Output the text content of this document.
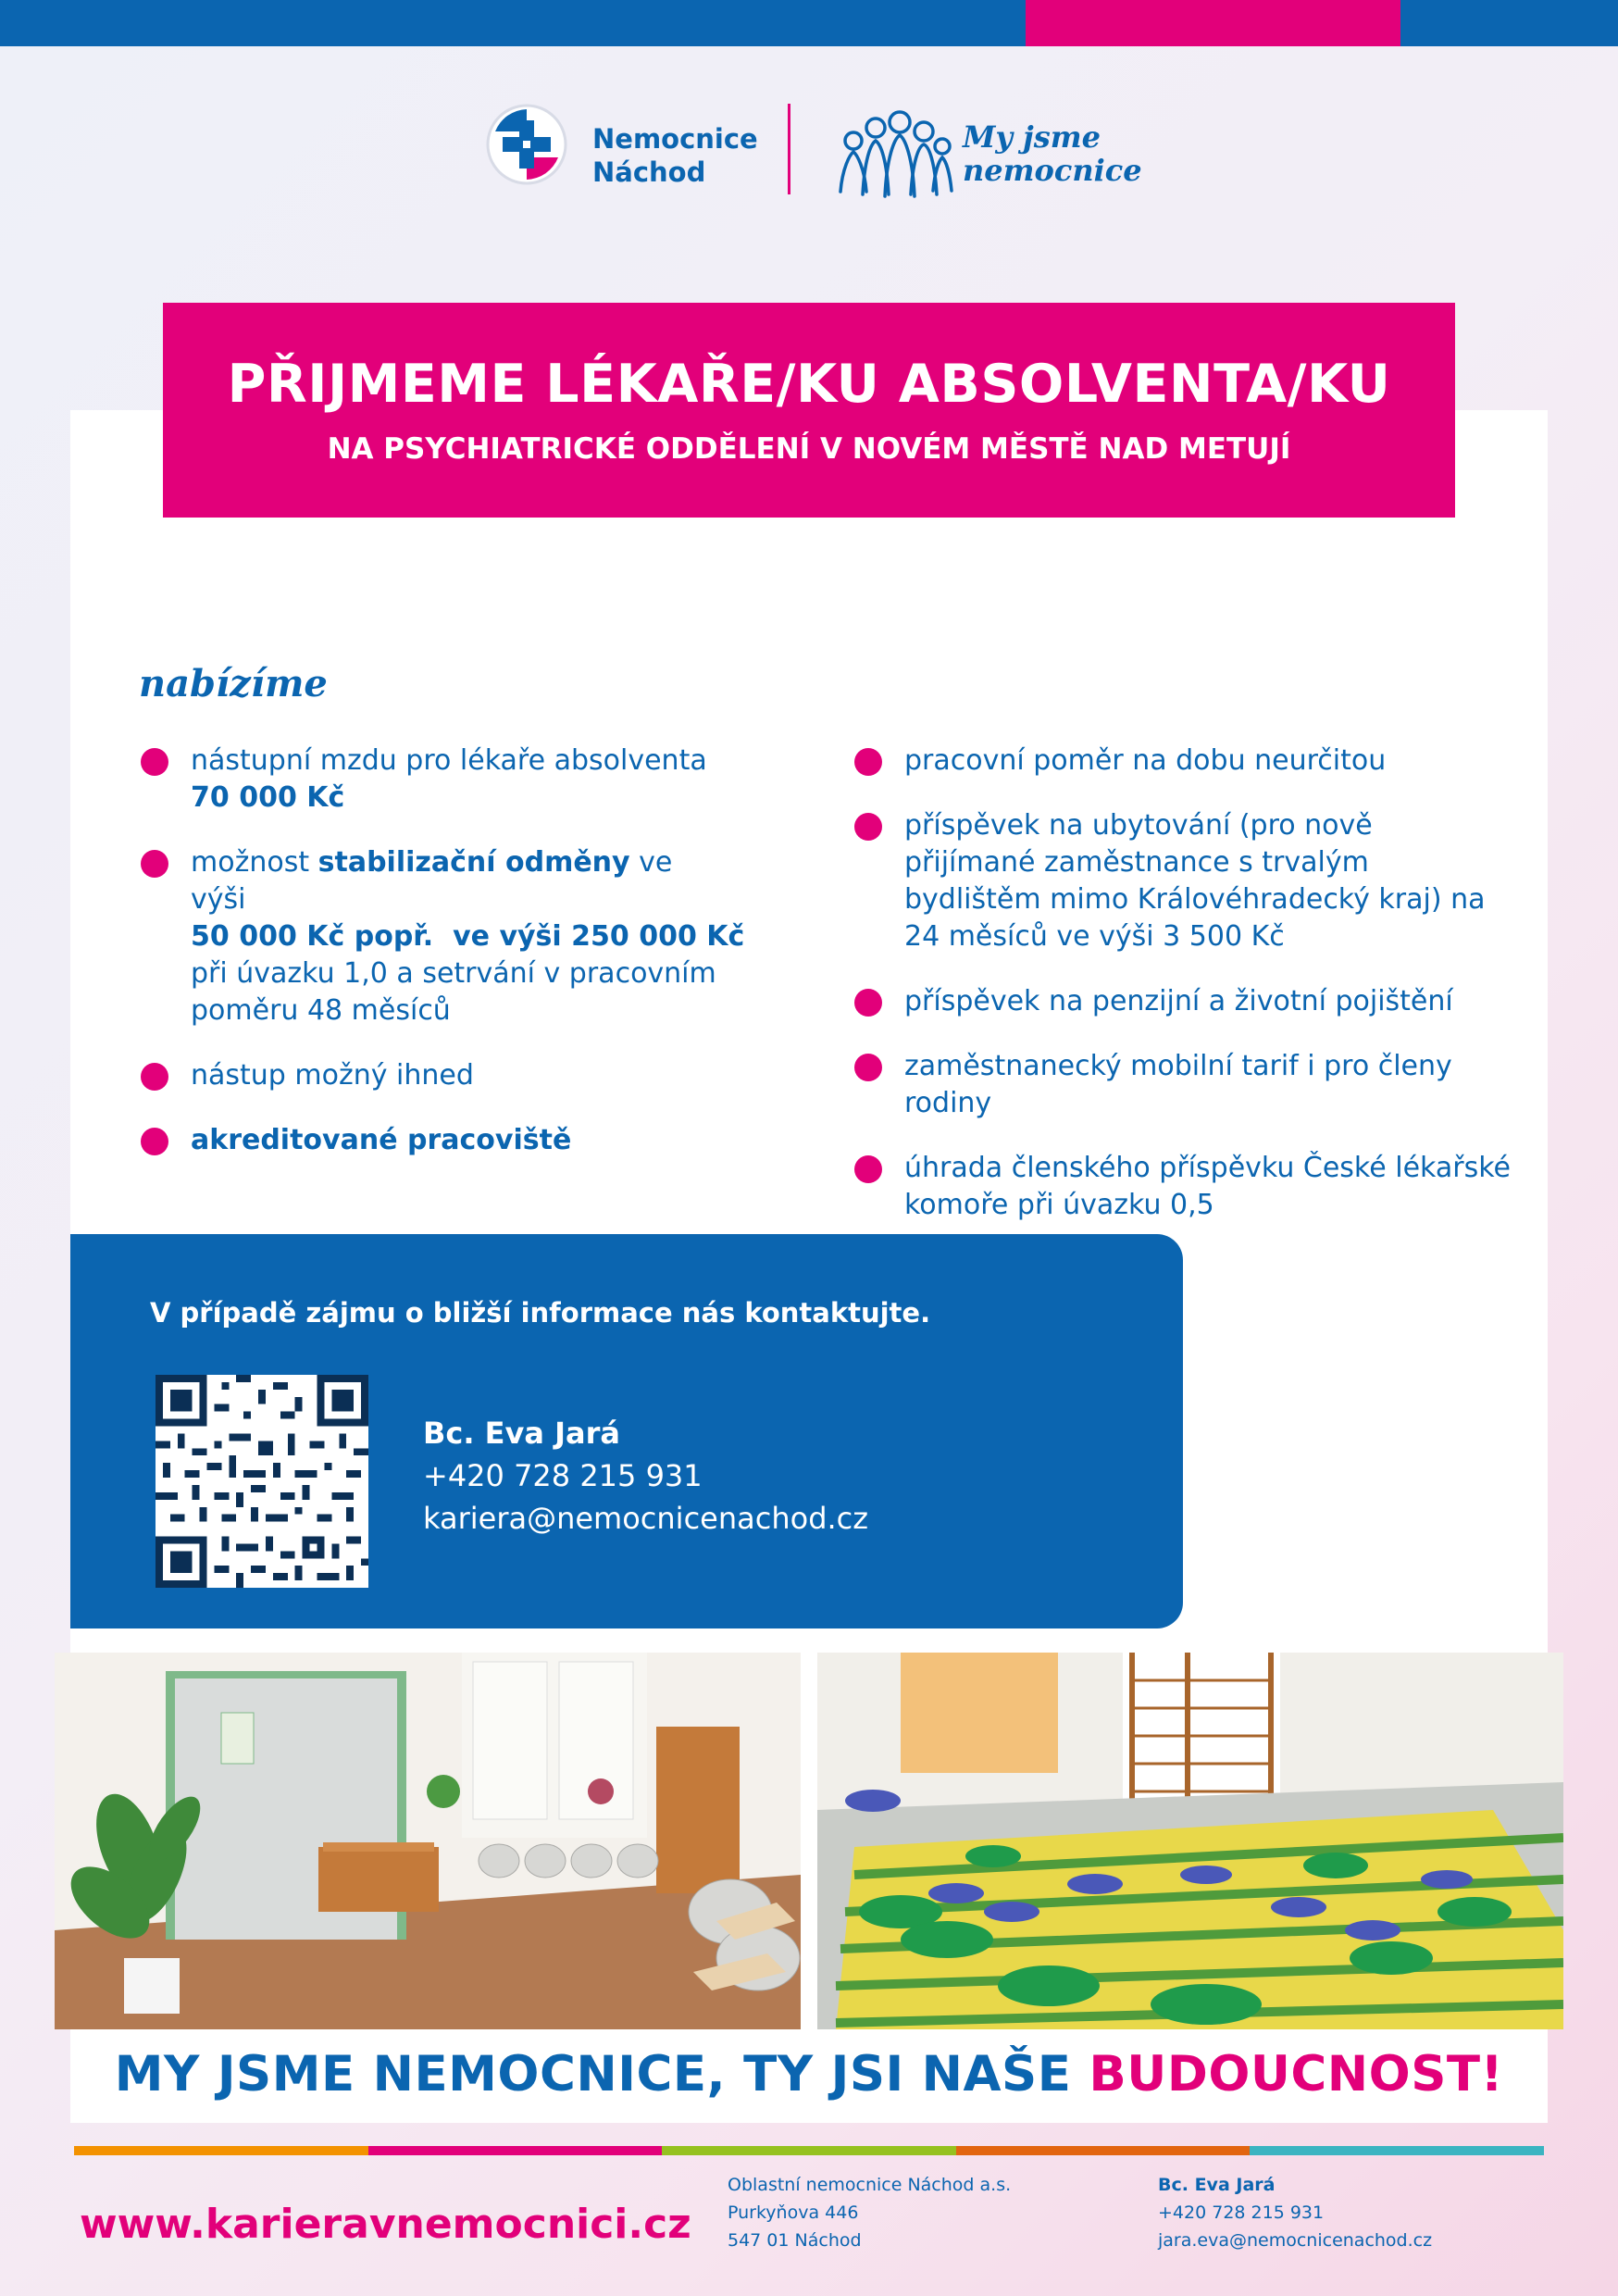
Nemocnice
Náchod
My jsme
nemocnice
PŘIJMEME LÉKAŘE/KU ABSOLVENTA/KU
NA PSYCHIATRICKÉ ODDĚLENÍ V NOVÉM MĚSTĚ NAD METUJÍ
nabízíme
nástupní mzdu pro lékaře absolventa
70 000 Kč
možnost stabilizační odměny ve výši
50 000 Kč popř.  ve výši 250 000 Kč
při úvazku 1,0 a setrvání v pracovním poměru 48 měsíců
nástup možný ihned
akreditované pracoviště
pracovní poměr na dobu neurčitou
příspěvek na ubytování (pro nově přijímané zaměstnance s trvalým bydlištěm mimo Královéhradecký kraj) na 24 měsíců ve výši 3 500 Kč
příspěvek na penzijní a životní pojištění
zaměstnanecký mobilní tarif i pro členy rodiny
úhrada členského příspěvku České lékařské komoře při úvazku 0,5
V případě zájmu o bližší informace nás kontaktujte.
Bc. Eva Jará
+420 728 215 931
kariera@nemocnicenachod.cz
MY JSME NEMOCNICE, TY JSI NAŠE BUDOUCNOST!
www.karieravnemocnici.cz
Oblastní nemocnice Náchod a.s.
Purkyňova 446
547 01 Náchod
Bc. Eva Jará
+420 728 215 931
jara.eva@nemocnicenachod.cz
